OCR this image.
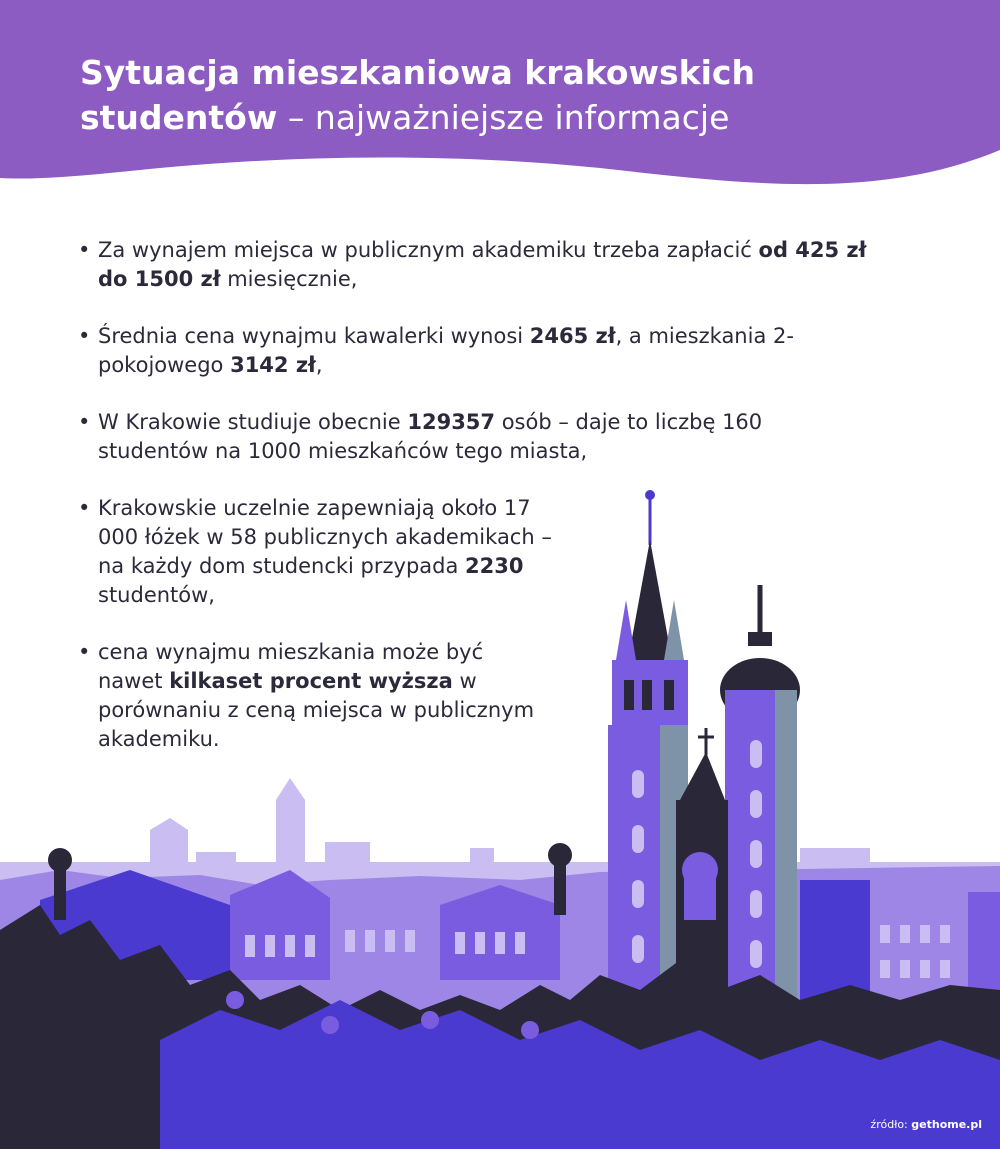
Sytuacja mieszkaniowa krakowskich studentów – najważniejsze informacje
• Za wynajem miejsca w publicznym akademiku trzeba zapłacić od 425 zł do 1500 zł miesięcznie,
• Średnia cena wynajmu kawalerki wynosi 2465 zł, a mieszkania 2-pokojowego 3142 zł,
• W Krakowie studiuje obecnie 129357 osób – daje to liczbę 160 studentów na 1000 mieszkańców tego miasta,
• Krakowskie uczelnie zapewniają około 17 000 łóżek w 58 publicznych akademikach – na każdy dom studencki przypada 2230 studentów,
• cena wynajmu mieszkania może być nawet kilkaset procent wyższa w porównaniu z ceną miejsca w publicznym akademiku.
źródło: gethome.pl
